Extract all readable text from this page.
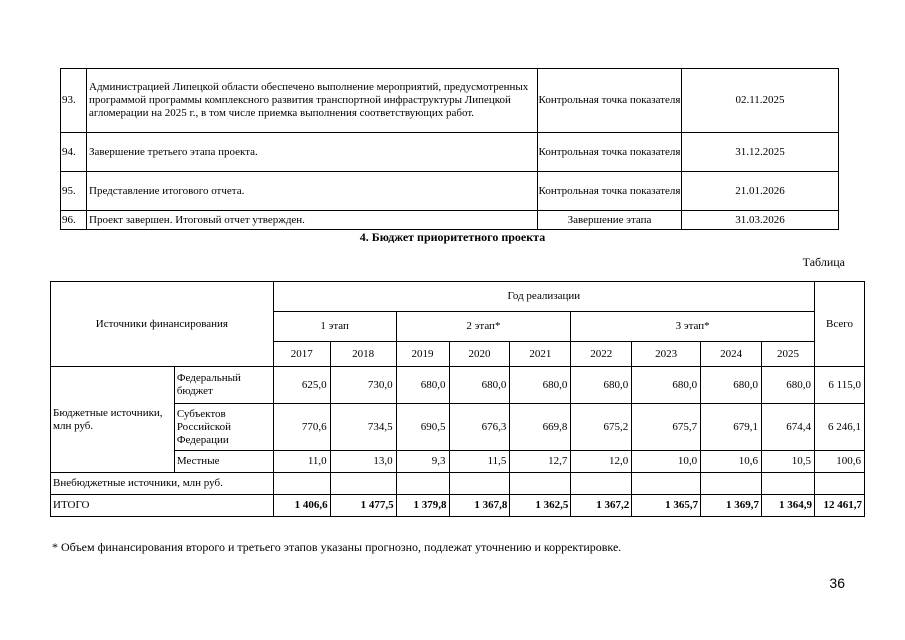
93.	Администрацией Липецкой области обеспечено выполнение мероприятий, предусмотренных программой программы комплексного развития транспортной инфраструктуры Липецкой агломерации на 2025 г., в том числе приемка выполнения соответствующих работ.	Контрольная точка показателя	02.11.2025
94.	Завершение третьего этапа проекта.	Контрольная точка показателя	31.12.2025
95.	Представление итогового отчета.	Контрольная точка показателя	21.01.2026
96.	Проект завершен. Итоговый отчет утвержден.	Завершение этапа	31.03.2026
4. Бюджет приоритетного проекта
Таблица
Источники финансирования		Год реализации									Всего
		1 этап		2 этап*			3 этап*				
		2017	2018	2019	2020	2021	2022	2023	2024	2025	
Бюджетные источники, млн руб.	Федеральный бюджет	625,0	730,0	680,0	680,0	680,0	680,0	680,0	680,0	680,0	6 115,0
	Субъектов Российской Федерации	770,6	734,5	690,5	676,3	669,8	675,2	675,7	679,1	674,4	6 246,1
	Местные	11,0	13,0	9,3	11,5	12,7	12,0	10,0	10,6	10,5	100,6
Внебюджетные источники, млн руб.											
ИТОГО		1 406,6	1 477,5	1 379,8	1 367,8	1 362,5	1 367,2	1 365,7	1 369,7	1 364,9	12 461,7
* Объем финансирования второго и третьего этапов указаны прогнозно, подлежат уточнению и корректировке.
36
